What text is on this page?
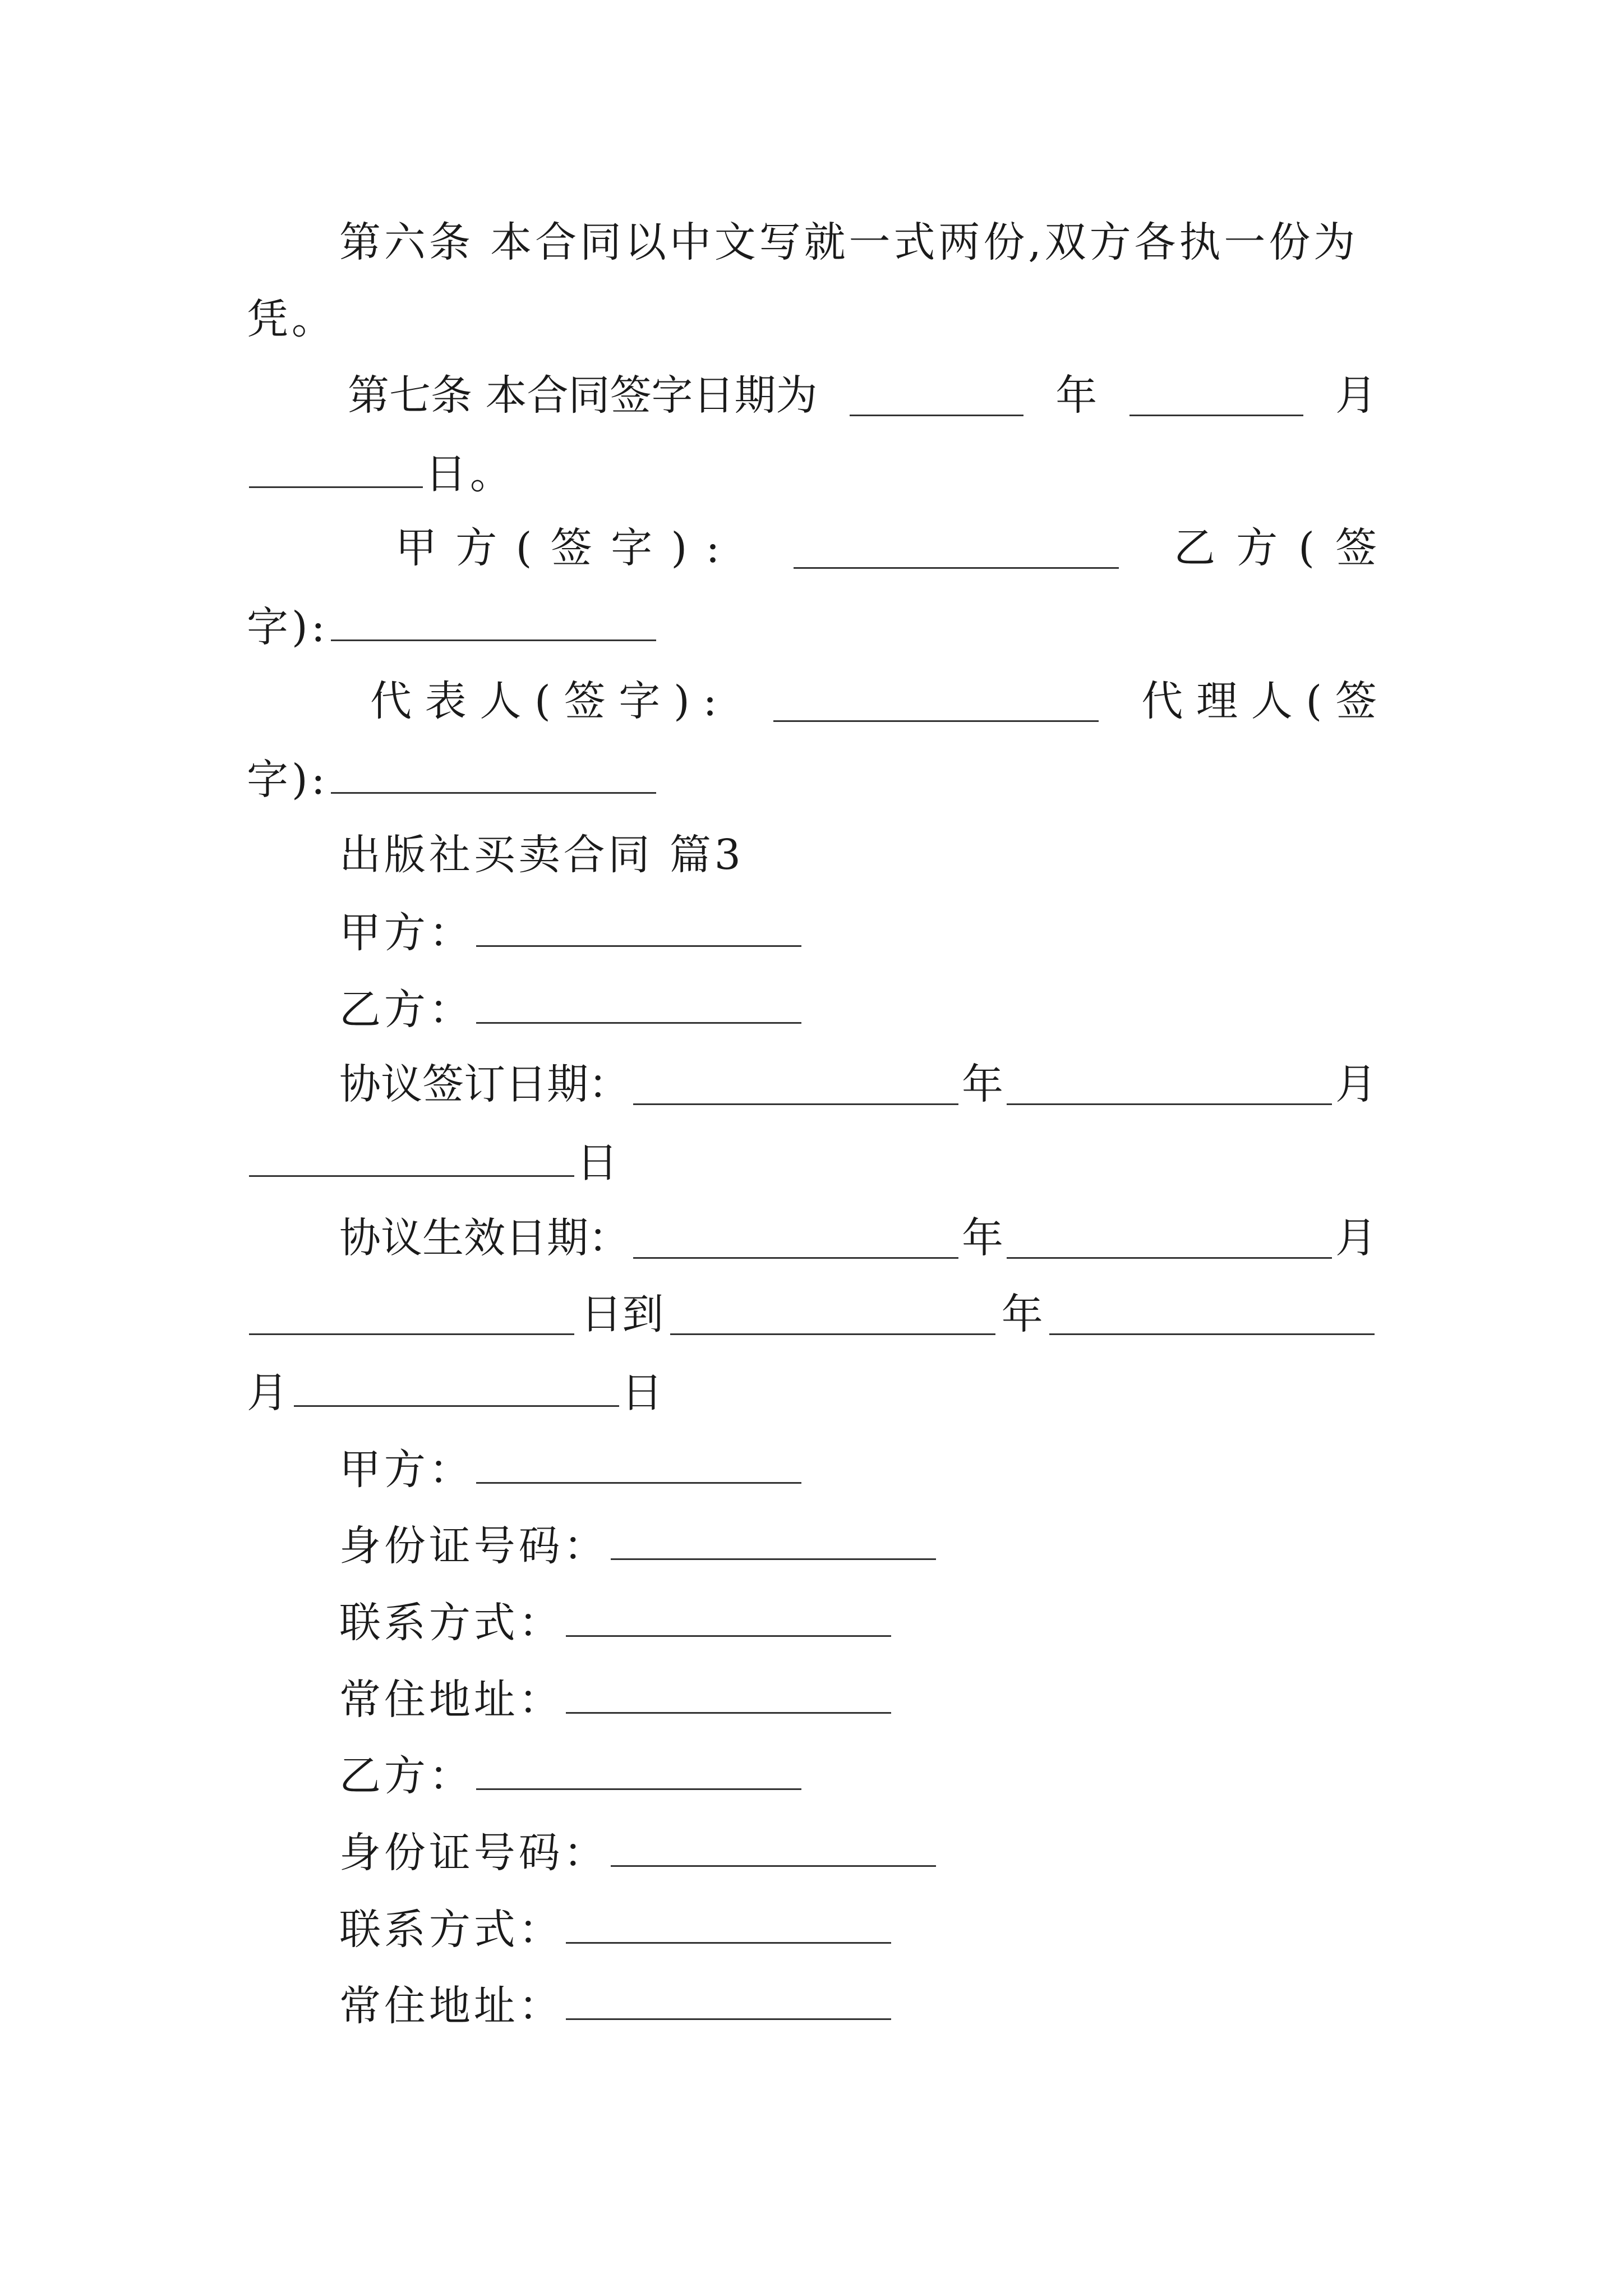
第六条 本合同以中文写就一式两份,双方各执一份为

凭。

第七条 本合同签字日期为	年	月

日。

甲方(签字):	乙方(签

字):

代表人(签字):	代理人(签

字):

出版社买卖合同 篇3

甲方：

乙方：

协议签订日期：	年	月

日

协议生效日期：	年	月
日到	年

月	日

甲方：

身份证号码：

联系方式：

常住地址：

乙方：

身份证号码：

联系方式：

常住地址：
